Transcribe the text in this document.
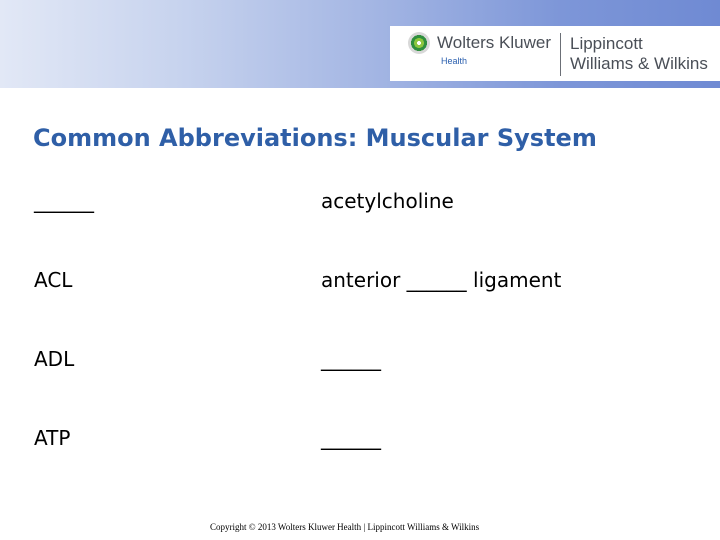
Wolters Kluwer
Health
Lippincott
Williams & Wilkins
Common Abbreviations: Muscular System
______	acetylcholine
ACL	anterior ______ ligament
ADL	______
ATP	______
Copyright © 2013 Wolters Kluwer Health | Lippincott Williams & Wilkins
